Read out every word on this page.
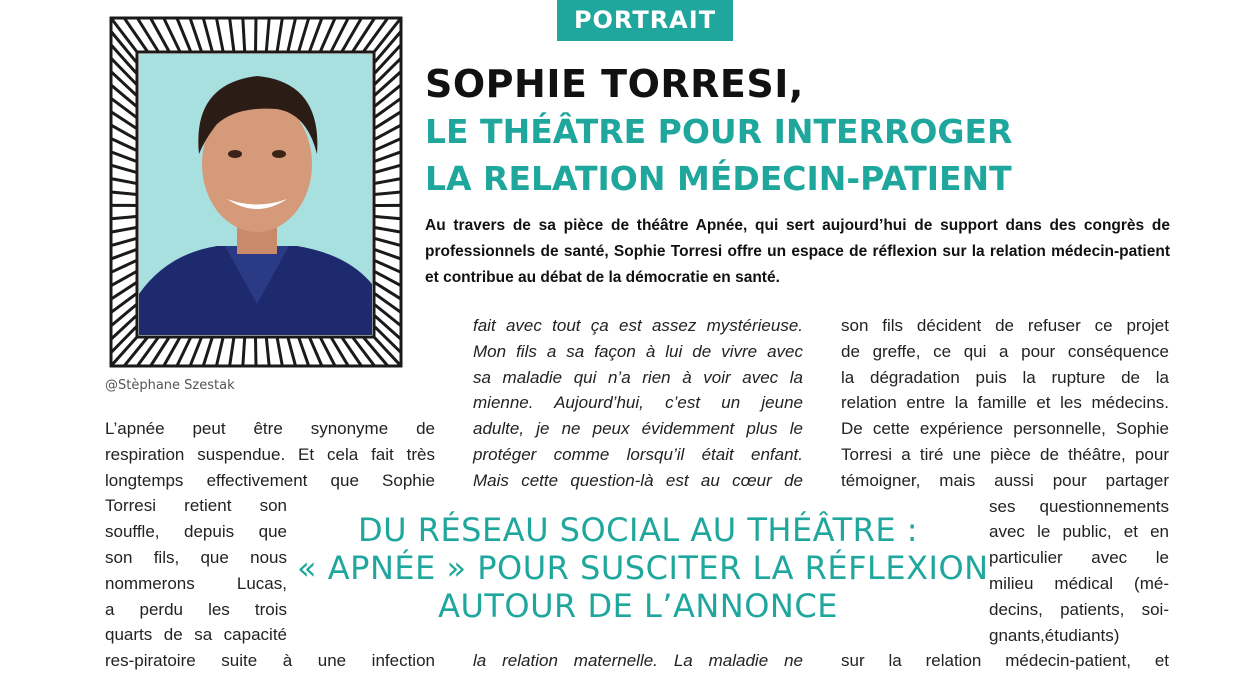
PORTRAIT
@Stèphane Szestak
SOPHIE TORRESI,
LE THÉÂTRE POUR INTERROGER
LA RELATION MÉDECIN-PATIENT

Au travers de sa pièce de théâtre Apnée, qui sert aujourd’hui de support dans des congrès de professionnels de santé, Sophie Torresi offre un espace de réflexion sur la relation médecin-patient et contribue au débat de la démocratie en santé.

L’apnée peut être synonyme de

respiration suspendue. Et cela fait très

longtemps effectivement que Sophie

Torresi retient son

souffle, depuis que

son fils, que nous

nommerons Lucas,

a perdu les trois

quarts de sa capacité

res-piratoire suite à une infection

fait avec tout ça est assez mystérieuse.

Mon fils a sa façon à lui de vivre avec

sa maladie qui n’a rien à voir avec la

mienne. Aujourd’hui, c’est un jeune

adulte, je ne peux évidemment plus le

protéger comme lorsqu’il était enfant.

Mais cette question-là est au cœur de

la relation maternelle. La maladie ne

son fils décident de refuser ce projet

de greffe, ce qui a pour conséquence

la dégradation puis la rupture de la

relation entre la famille et les médecins.

De cette expérience personnelle, Sophie

Torresi a tiré une pièce de théâtre, pour

témoigner, mais aussi pour partager

ses questionnements

avec le public, et en

particulier avec le

milieu médical (mé-

decins, patients, soi-

gnants,étudiants)

sur la relation médecin-patient, et

DU RÉSEAU SOCIAL AU THÉÂTRE :
« APNÉE » POUR SUSCITER LA RÉFLEXION
AUTOUR DE L’ANNONCE
